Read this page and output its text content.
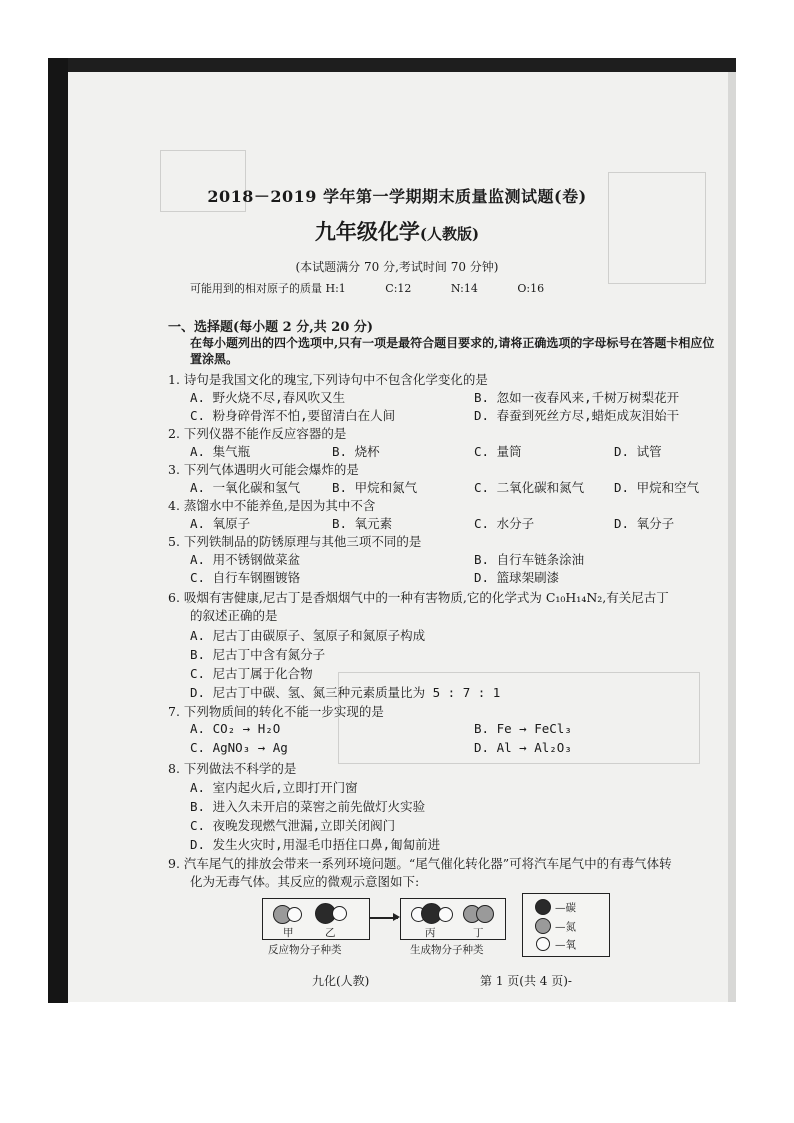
2018－2019 学年第一学期期末质量监测试题(卷)
九年级化学(人教版)
(本试题满分 70 分,考试时间 70 分钟)
可能用到的相对原子的质量 H:1	C:12	N:14	O:16
一、选择题(每小题 2 分,共 20 分)
在每小题列出的四个选项中,只有一项是最符合题目要求的,请将正确选项的字母标号在答题卡相应位
置涂黑。
1. 诗句是我国文化的瑰宝,下列诗句中不包含化学变化的是
A. 野火烧不尽,春风吹又生	B. 忽如一夜春风来,千树万树梨花开
C. 粉身碎骨浑不怕,要留清白在人间	D. 春蚕到死丝方尽,蜡炬成灰泪始干
2. 下列仪器不能作反应容器的是
A. 集气瓶	B. 烧杯	C. 量筒	D. 试管
3. 下列气体遇明火可能会爆炸的是
A. 一氧化碳和氢气	B. 甲烷和氮气	C. 二氧化碳和氮气 D. 甲烷和空气
4. 蒸馏水中不能养鱼,是因为其中不含
A. 氧原子	B. 氧元素	C. 水分子	D. 氧分子
5. 下列铁制品的防锈原理与其他三项不同的是
A. 用不锈钢做菜盆	B. 自行车链条涂油
C. 自行车钢圈镀铬	D. 篮球架刷漆
6. 吸烟有害健康,尼古丁是香烟烟气中的一种有害物质,它的化学式为 C₁₀H₁₄N₂,有关尼古丁
的叙述正确的是
A. 尼古丁由碳原子、氢原子和氮原子构成
B. 尼古丁中含有氮分子
C. 尼古丁属于化合物
D. 尼古丁中碳、氢、氮三种元素质量比为 5 : 7 : 1
7. 下列物质间的转化不能一步实现的是
A. CO₂ → H₂O	B. Fe → FeCl₃
C. AgNO₃ → Ag	D. Al → Al₂O₃
8. 下列做法不科学的是
A. 室内起火后,立即打开门窗
B. 进入久未开启的菜窖之前先做灯火实验
C. 夜晚发现燃气泄漏,立即关闭阀门
D. 发生火灾时,用湿毛巾捂住口鼻,匍匐前进
9. 汽车尾气的排放会带来一系列环境问题。“尾气催化转化器”可将汽车尾气中的有毒气体转
化为无毒气体。其反应的微观示意图如下:
甲	乙	丙	丁
反应物分子种类	生成物分子种类
—碳
—氮
—氧
九化(人教)	第 1 页(共 4 页)-
